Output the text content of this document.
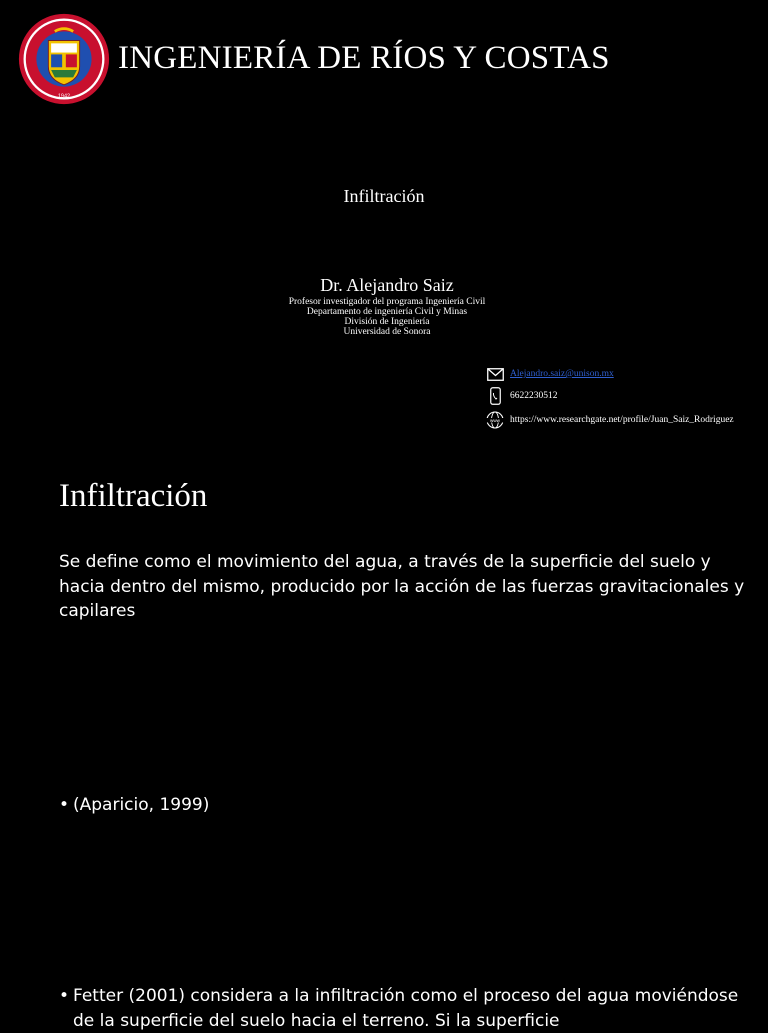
1942
INGENIERÍA DE RÍOS Y COSTAS
Infiltración
Dr. Alejandro Saiz
Profesor investigador del programa Ingeniería Civil
Departamento de ingeniería Civil y Minas
División de Ingeniería
Universidad de Sonora
Alejandro.saiz@unison.mx
6622230512
www https://www.researchgate.net/profile/Juan_Saiz_Rodriguez
Infiltración
Se define como el movimiento del agua, a través de la superficie del suelo y hacia dentro del mismo, producido por la acción de las fuerzas gravitacionales y capilares
• (Aparicio, 1999)
• Fetter (2001) considera a la infiltración como el proceso del agua moviéndose de la superficie del suelo hacia el terreno. Si la superficie
